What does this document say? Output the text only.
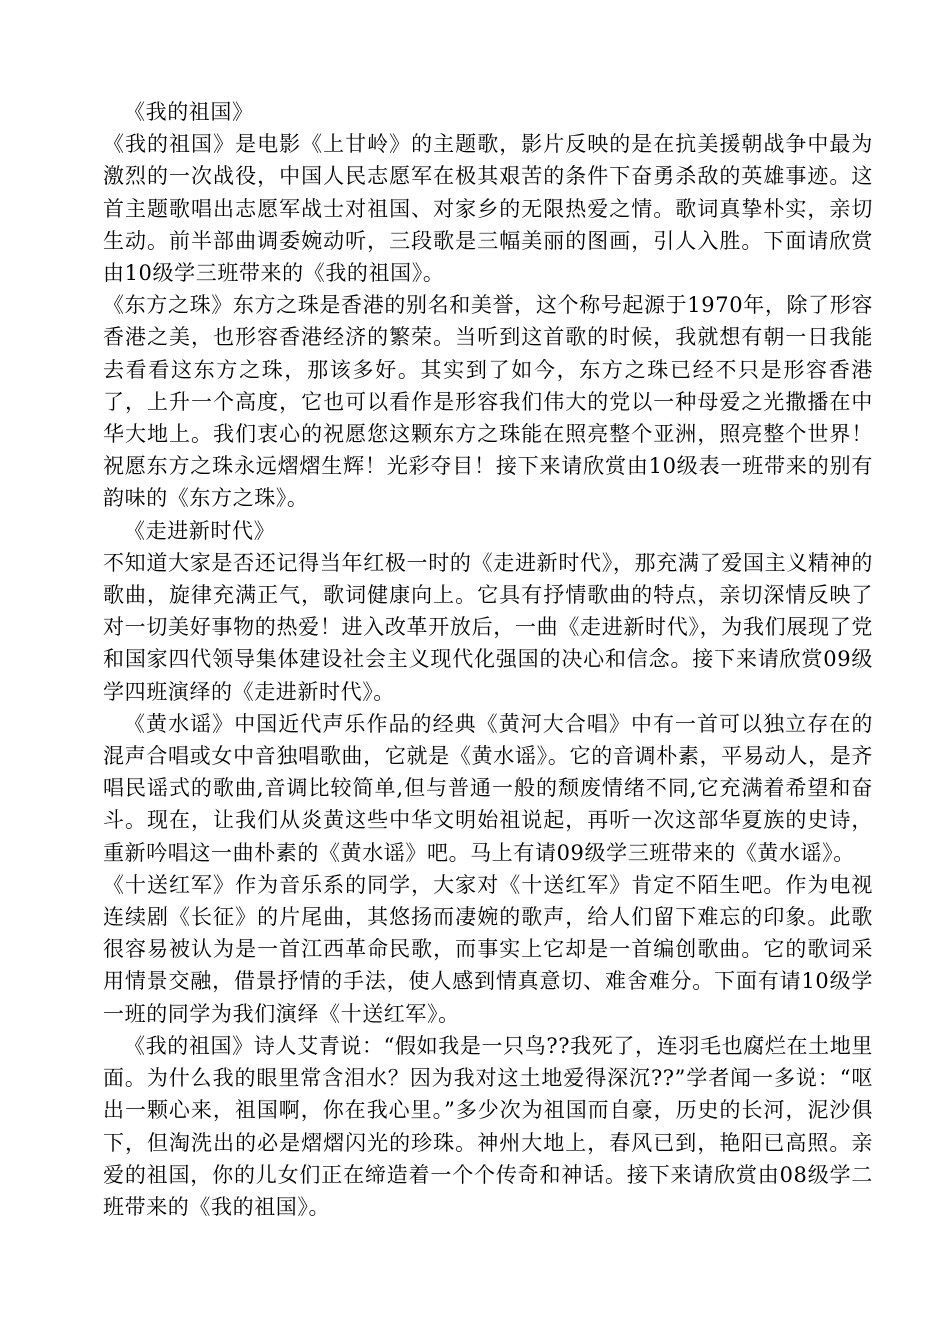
《我的祖国》

《我的祖国》是电影《上甘岭》的主题歌，影片反映的是在抗美援朝战争中最为激烈的一次战役，中国人民志愿军在极其艰苦的条件下奋勇杀敌的英雄事迹。这首主题歌唱出志愿军战士对祖国、对家乡的无限热爱之情。歌词真挚朴实，亲切生动。前半部曲调委婉动听，三段歌是三幅美丽的图画，引人入胜。下面请欣赏由10级学三班带来的《我的祖国》。

《东方之珠》东方之珠是香港的别名和美誉，这个称号起源于1970年，除了形容香港之美，也形容香港经济的繁荣。当听到这首歌的时候，我就想有朝一日我能去看看这东方之珠，那该多好。其实到了如今，东方之珠已经不只是形容香港了，上升一个高度，它也可以看作是形容我们伟大的党以一种母爱之光撒播在中华大地上。我们衷心的祝愿您这颗东方之珠能在照亮整个亚洲，照亮整个世界！祝愿东方之珠永远熠熠生辉！光彩夺目！接下来请欣赏由10级表一班带来的别有韵味的《东方之珠》。

《走进新时代》

不知道大家是否还记得当年红极一时的《走进新时代》，那充满了爱国主义精神的歌曲，旋律充满正气，歌词健康向上。它具有抒情歌曲的特点，亲切深情反映了对一切美好事物的热爱！进入改革开放后，一曲《走进新时代》，为我们展现了党和国家四代领导集体建设社会主义现代化强国的决心和信念。接下来请欣赏09级学四班演绎的《走进新时代》。

《黄水谣》中国近代声乐作品的经典《黄河大合唱》中有一首可以独立存在的混声合唱或女中音独唱歌曲，它就是《黄水谣》。它的音调朴素，平易动人，是齐唱民谣式的歌曲,音调比较简单,但与普通一般的颓废情绪不同,它充满着希望和奋斗。现在，让我们从炎黄这些中华文明始祖说起，再听一次这部华夏族的史诗，重新吟唱这一曲朴素的《黄水谣》吧。马上有请09级学三班带来的《黄水谣》。

《十送红军》作为音乐系的同学，大家对《十送红军》肯定不陌生吧。作为电视连续剧《长征》的片尾曲，其悠扬而凄婉的歌声，给人们留下难忘的印象。此歌很容易被认为是一首江西革命民歌，而事实上它却是一首编创歌曲。它的歌词采用情景交融，借景抒情的手法，使人感到情真意切、难舍难分。下面有请10级学一班的同学为我们演绎《十送红军》。

《我的祖国》诗人艾青说：“假如我是一只鸟??我死了，连羽毛也腐烂在土地里面。为什么我的眼里常含泪水？因为我对这土地爱得深沉??”学者闻一多说：“呕出一颗心来，祖国啊，你在我心里。”多少次为祖国而自豪，历史的长河，泥沙俱下，但淘洗出的必是熠熠闪光的珍珠。神州大地上，春风已到，艳阳已高照。亲爱的祖国，你的儿女们正在缔造着一个个传奇和神话。接下来请欣赏由08级学二班带来的《我的祖国》。
